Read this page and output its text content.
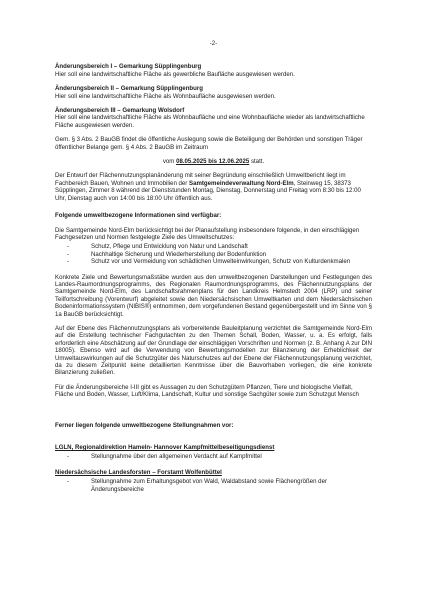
-2-
Änderungsbereich I – Gemarkung Süpplingenburg
Hier soll eine landwirtschaftliche Fläche als gewerbliche Baufläche ausgewiesen werden.
Änderungsbereich II – Gemarkung Süpplingenburg
Hier soll eine landwirtschaftliche Fläche als Wohnbaufläche ausgewiesen werden.
Änderungsbereich III – Gemarkung Wolsdorf
Hier soll eine landwirtschaftliche Fläche als Wohnbaufläche und eine Wohnbaufläche wieder als landwirtschaftliche Fläche ausgewiesen werden.
Gem. § 3 Abs. 2 BauGB findet die öffentliche Auslegung sowie die Beteiligung der Behörden und sonstigen Träger öffentlicher Belange gem. § 4 Abs. 2 BauGB im Zeitraum
vom 08.05.2025 bis 12.06.2025 statt.
Der Entwurf der Flächennutzungsplanänderung mit seiner Begründung einschließlich Umweltbericht liegt im Fachbereich Bauen, Wohnen und Immobilien der Samtgemeindeverwaltung Nord-Elm, Steinweg 15, 38373 Süpplingen, Zimmer 8 während der Dienststunden Montag, Dienstag, Donnerstag und Freitag vom 8:30 bis 12:00 Uhr, Dienstag auch von 14:00 bis 18:00 Uhr öffentlich aus.
Folgende umweltbezogene Informationen sind verfügbar:
Die Samtgemeinde Nord-Elm berücksichtigt bei der Planaufstellung insbesondere folgende, in den einschlägigen Fachgesetzen und Normen festgelegte Ziele des Umweltschutzes:
- Schutz, Pflege und Entwicklung von Natur und Landschaft
- Nachhaltige Sicherung und Wiederherstellung der Bodenfunktion
- Schutz vor und Vermeidung von schädlichen Umwelteinwirkungen, Schutz von Kulturdenkmalen
Konkrete Ziele und Bewertungsmaßstäbe wurden aus den umweltbezogenen Darstellungen und Festlegungen des Landes-Raumordnungsprogramms, des Regionalen Raumordnungsprogramms, des Flächennutzungsplans der Samtgemeinde Nord-Elm, des Landschaftsrahmenplans für den Landkreis Helmstedt 2004 (LRP) und seiner Teilfortschreibung (Vorentwurf) abgeleitet sowie den Niedersächsischen Umweltkarten und dem Niedersächsischen Bodeninformationssystem (NIBIS®) entnommen, dem vorgefundenen Bestand gegenübergestellt und im Sinne von § 1a BauGB berücksichtigt.
Auf der Ebene des Flächennutzungsplans als vorbereitende Bauleitplanung verzichtet die Samtgemeinde Nord-Elm auf die Erstellung technischer Fachgutachten zu den Themen Schall, Boden, Wasser, u. a. Es erfolgt, falls erforderlich eine Abschätzung auf der Grundlage der einschlägigen Vorschriften und Normen (z. B. Anhang A zur DIN 18005). Ebenso wird auf die Verwendung von Bewertungsmodellen zur Bilanzierung der Erheblichkeit der Umweltauswirkungen auf die Schutzgüter des Naturschutzes auf der Ebene der Flächennutzungsplanung verzichtet, da zu diesem Zeitpunkt keine detaillierten Kenntnisse über die Bauvorhaben vorliegen, die eine konkrete Bilanzierung zuließen.
Für die Änderungsbereiche I-III gibt es Aussagen zu den Schutzgütern Pflanzen, Tiere und biologische Vielfalt, Fläche und Boden, Wasser, Luft/Klima, Landschaft, Kultur und sonstige Sachgüter sowie zum Schutzgut Mensch
Ferner liegen folgende umweltbezogene Stellungnahmen vor:
LGLN, Regionaldirektion Hameln- Hannover Kampfmittelbeseitigungsdienst
- Stellungnahme über den allgemeinen Verdacht auf Kampfmittel
Niedersächsische Landesforsten – Forstamt Wolfenbüttel
- Stellungnahme zum Erhaltungsgebot von Wald, Waldabstand sowie Flächengrößen der Änderungsbereiche
